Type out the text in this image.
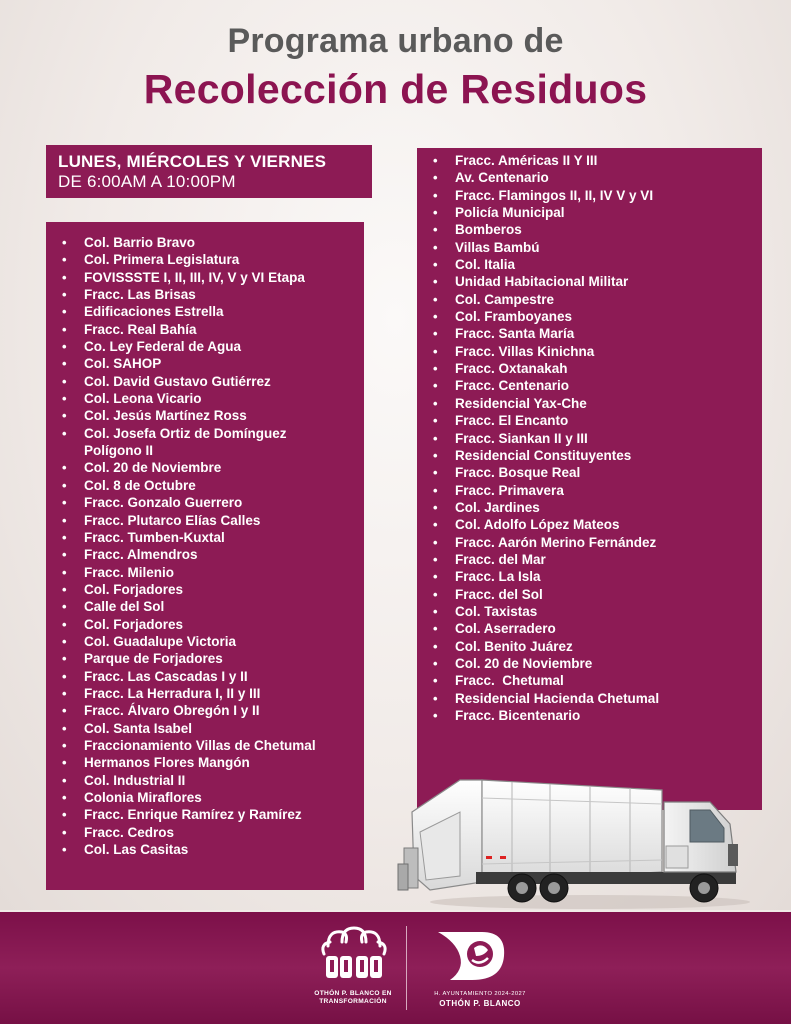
Programa urbano de
Recolección de Residuos
LUNES, MIÉRCOLES Y VIERNES
DE 6:00AM A 10:00PM
• Col. Barrio Bravo
• Col. Primera Legislatura
• FOVISSSTE I, II, III, IV, V y VI Etapa
• Fracc. Las Brisas
• Edificaciones Estrella
• Fracc. Real Bahía
• Co. Ley Federal de Agua
• Col. SAHOP
• Col. David Gustavo Gutiérrez
• Col. Leona Vicario
• Col. Jesús Martínez Ross
• Col. Josefa Ortiz de Domínguez
Polígono II
• Col. 20 de Noviembre
• Col. 8 de Octubre
• Fracc. Gonzalo Guerrero
• Fracc. Plutarco Elías Calles
• Fracc. Tumben-Kuxtal
• Fracc. Almendros
• Fracc. Milenio
• Col. Forjadores
• Calle del Sol
• Col. Forjadores
• Col. Guadalupe Victoria
• Parque de Forjadores
• Fracc. Las Cascadas I y II
• Fracc. La Herradura I, II y III
• Fracc. Álvaro Obregón I y II
• Col. Santa Isabel
• Fraccionamiento Villas de Chetumal
• Hermanos Flores Mangón
• Col. Industrial II
• Colonia Miraflores
• Fracc. Enrique Ramírez y Ramírez
• Fracc. Cedros
• Col. Las Casitas
• Fracc. Américas II Y III
• Av. Centenario
• Fracc. Flamingos II, II, IV V y VI
• Policía Municipal
• Bomberos
• Villas Bambú
• Col. Italia
• Unidad Habitacional Militar
• Col. Campestre
• Col. Framboyanes
• Fracc. Santa María
• Fracc. Villas Kinichna
• Fracc. Oxtanakah
• Fracc. Centenario
• Residencial Yax-Che
• Fracc. El Encanto
• Fracc. Siankan II y III
• Residencial Constituyentes
• Fracc. Bosque Real
• Fracc. Primavera
• Col. Jardines
• Col. Adolfo López Mateos
• Fracc. Aarón Merino Fernández
• Fracc. del Mar
• Fracc. La Isla
• Fracc. del Sol
• Col. Taxistas
• Col. Aserradero
• Col. Benito Juárez
• Col. 20 de Noviembre
• Fracc.  Chetumal
• Residencial Hacienda Chetumal
• Fracc. Bicentenario
OTHÓN P. BLANCO EN
TRANSFORMACIÓN
H. AYUNTAMIENTO 2024-2027
OTHÓN P. BLANCO
